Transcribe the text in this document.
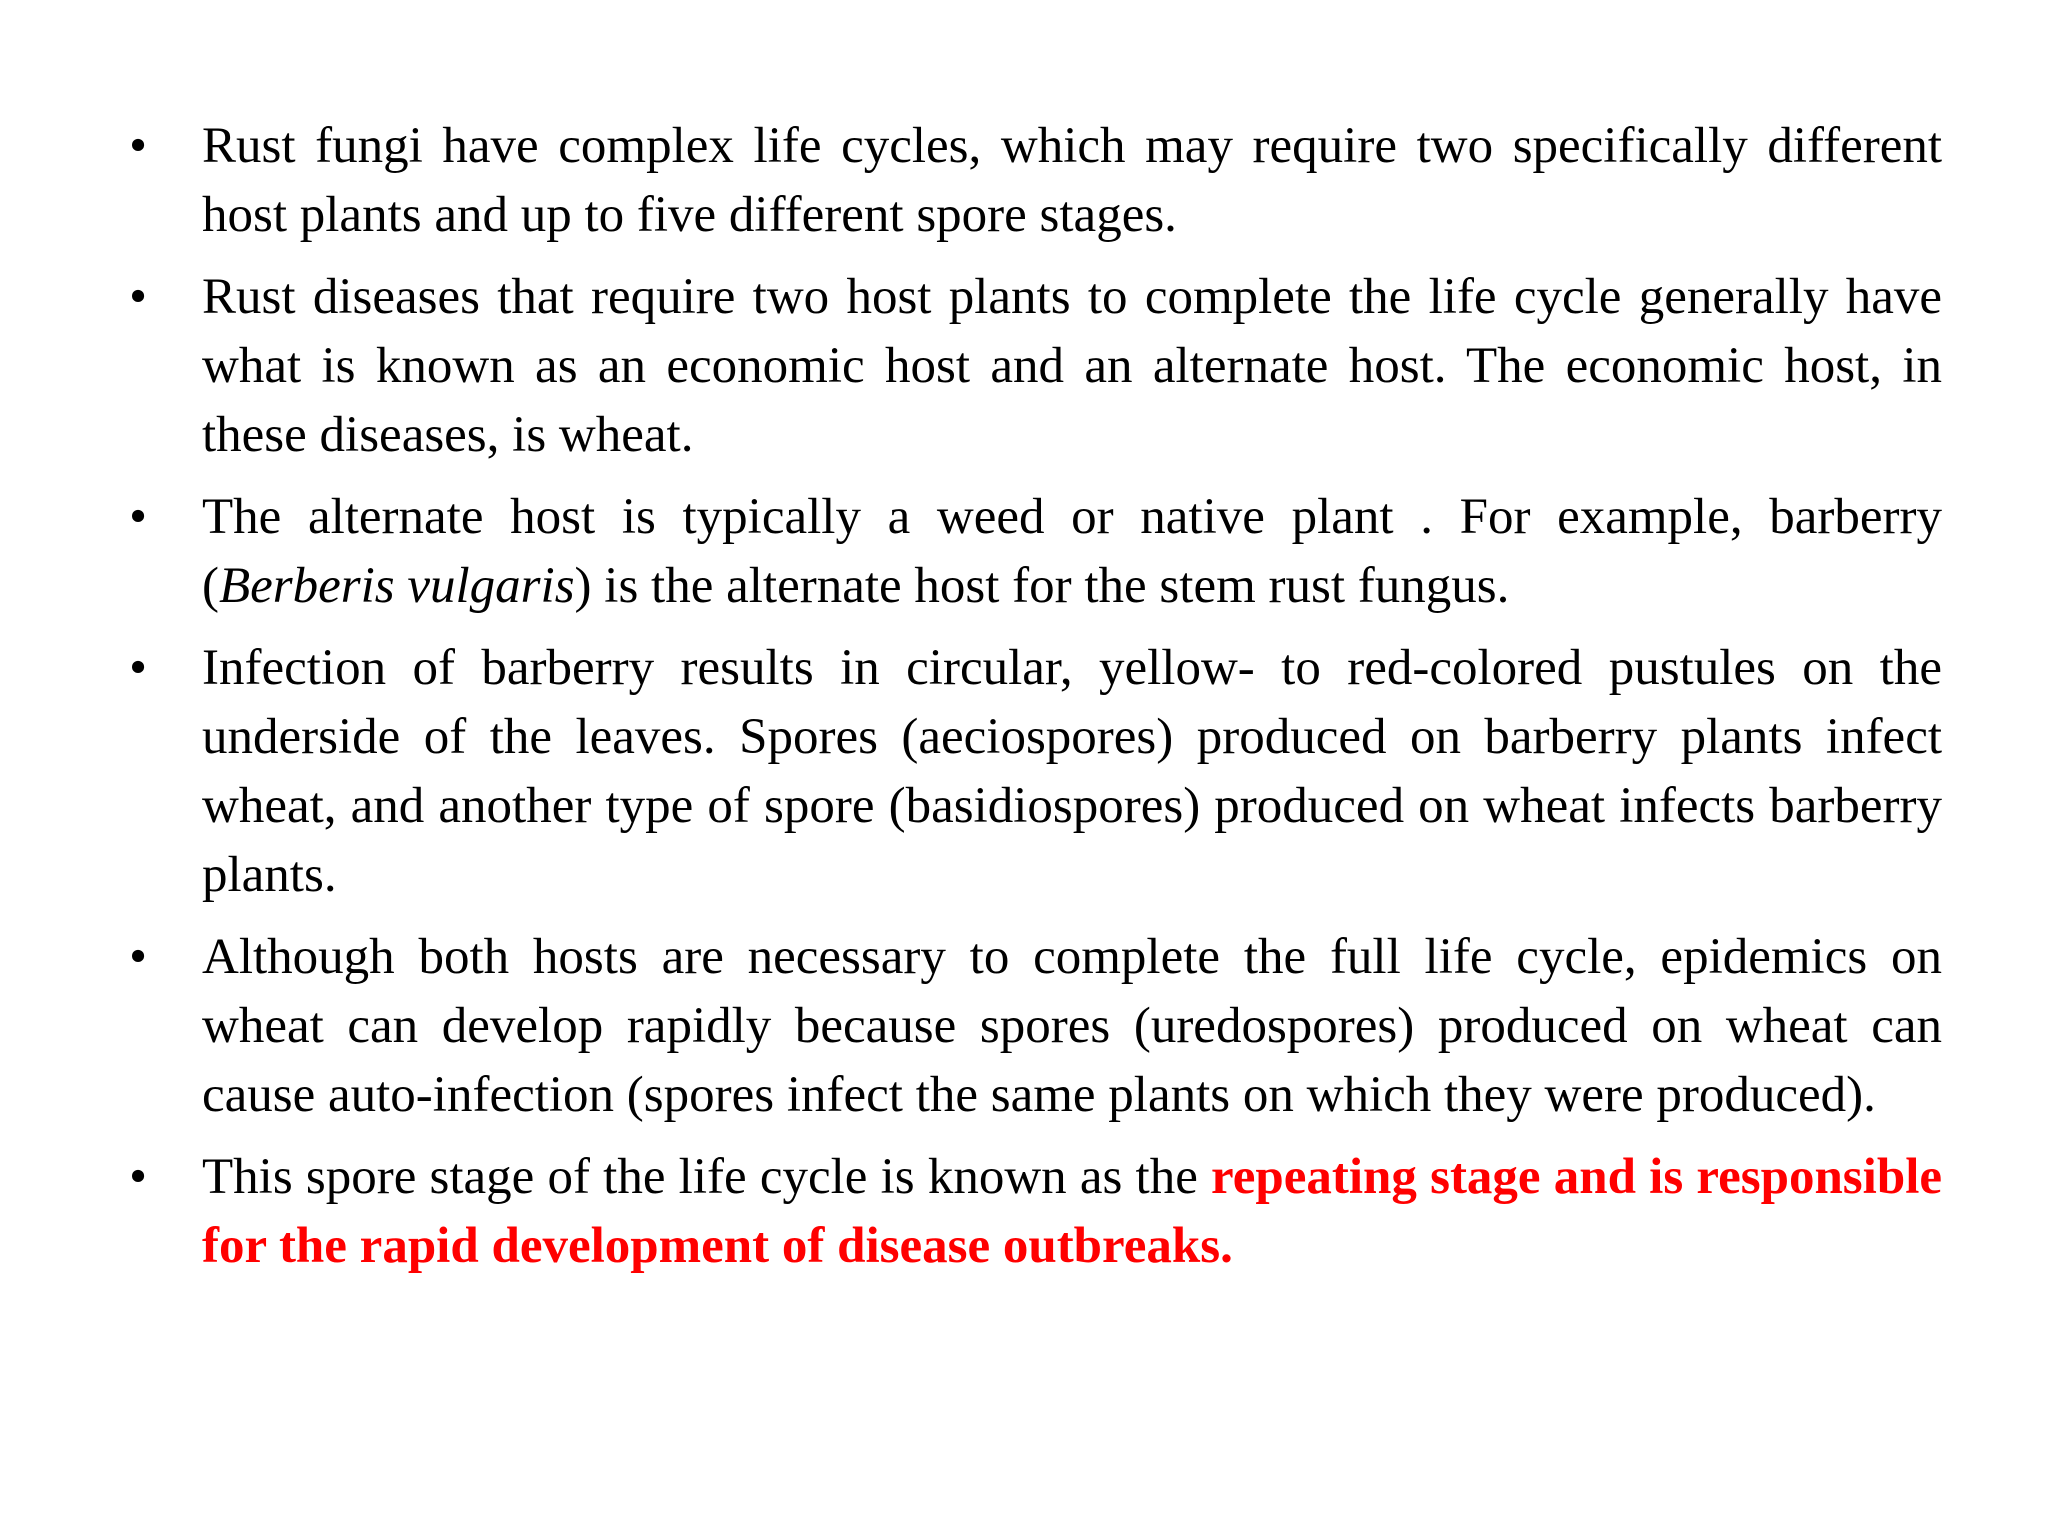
• Rust fungi have complex life cycles, which may require two specifically different host plants and up to five different spore stages.
• Rust diseases that require two host plants to complete the life cycle generally have what is known as an economic host and an alternate host. The economic host, in these diseases, is wheat.
• The alternate host is typically a weed or native plant . For example, barberry (Berberis vulgaris) is the alternate host for the stem rust fungus.
• Infection of barberry results in circular, yellow- to red-colored pustules on the underside of the leaves. Spores (aeciospores) produced on barberry plants infect wheat, and another type of spore (basidiospores) produced on wheat infects barberry plants.
• Although both hosts are necessary to complete the full life cycle, epidemics on wheat can develop rapidly because spores (uredospores) produced on wheat can cause auto-infection (spores infect the same plants on which they were produced).
• This spore stage of the life cycle is known as the repeating stage and is responsible for the rapid development of disease outbreaks.
